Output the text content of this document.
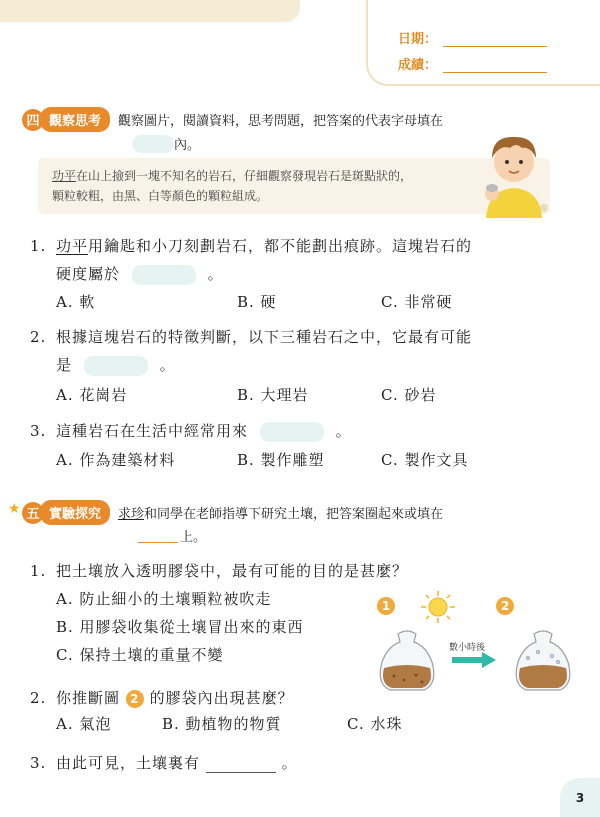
日期：
成績：
四 觀察思考	觀察圖片，閱讀資料，思考問題，把答案的代表字母填在
內。
功平在山上撿到一塊不知名的岩石，仔細觀察發現岩石是斑點狀的，
顆粒較粗，由黑、白等顏色的顆粒組成。
1. 功平用鑰匙和小刀刻劃岩石，都不能劃出痕跡。這塊岩石的
硬度屬於	。
A. 軟	B. 硬	C. 非常硬
2. 根據這塊岩石的特徵判斷，以下三種岩石之中，它最有可能
是	。
A. 花崗岩	B. 大理岩	C. 砂岩
3. 這種岩石在生活中經常用來	。
A. 作為建築材料	B. 製作雕塑	C. 製作文具
★ 五 實驗探究	求珍和同學在老師指導下研究土壤，把答案圈起來或填在
上。
1. 把土壤放入透明膠袋中，最有可能的目的是甚麼？
A. 防止細小的土壤顆粒被吹走
B. 用膠袋收集從土壤冒出來的東西
C. 保持土壤的重量不變
1	2
數小時後
2. 你推斷圖 2 的膠袋內出現甚麼？
A. 氣泡	B. 動植物的物質	C. 水珠
3. 由此可見，土壤裏有	。
3
